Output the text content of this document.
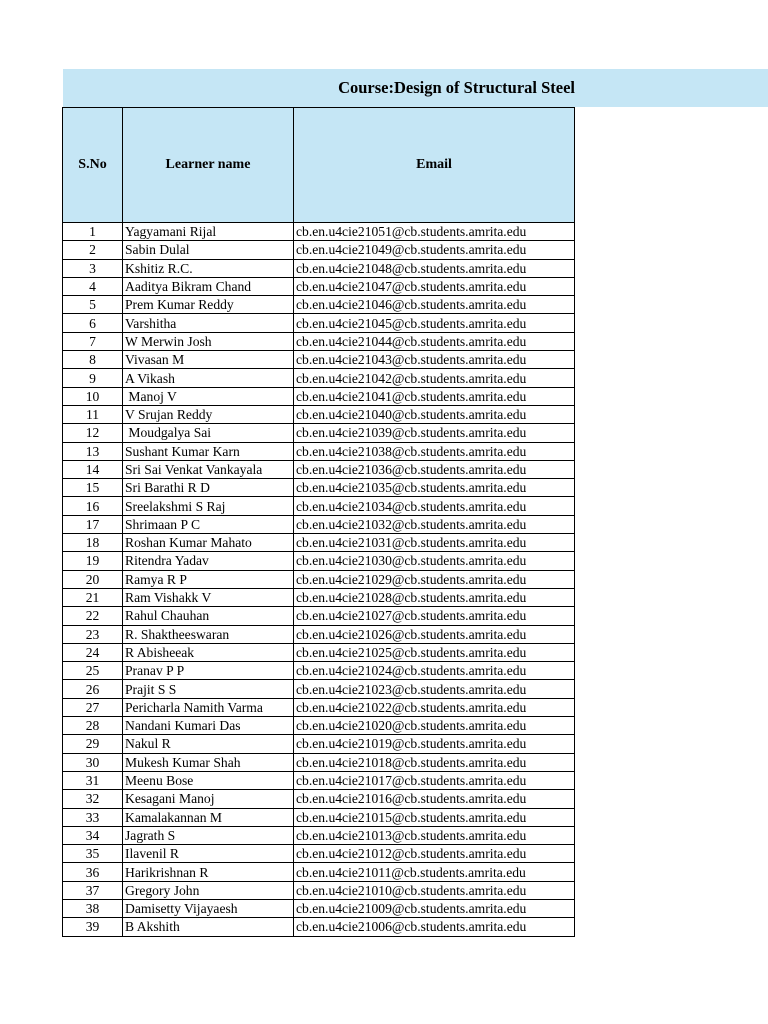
Course:Design of Structural Steel
S.No	Learner name	Email
1	Yagyamani Rijal	cb.en.u4cie21051@cb.students.amrita.edu
2	Sabin Dulal	cb.en.u4cie21049@cb.students.amrita.edu
3	Kshitiz R.C.	cb.en.u4cie21048@cb.students.amrita.edu
4	Aaditya Bikram Chand	cb.en.u4cie21047@cb.students.amrita.edu
5	Prem Kumar Reddy	cb.en.u4cie21046@cb.students.amrita.edu
6	Varshitha	cb.en.u4cie21045@cb.students.amrita.edu
7	W Merwin Josh	cb.en.u4cie21044@cb.students.amrita.edu
8	Vivasan M	cb.en.u4cie21043@cb.students.amrita.edu
9	A Vikash	cb.en.u4cie21042@cb.students.amrita.edu
10	Manoj V	cb.en.u4cie21041@cb.students.amrita.edu
11	V Srujan Reddy	cb.en.u4cie21040@cb.students.amrita.edu
12	Moudgalya Sai	cb.en.u4cie21039@cb.students.amrita.edu
13	Sushant Kumar Karn	cb.en.u4cie21038@cb.students.amrita.edu
14	Sri Sai Venkat Vankayala	cb.en.u4cie21036@cb.students.amrita.edu
15	Sri Barathi R D	cb.en.u4cie21035@cb.students.amrita.edu
16	Sreelakshmi S Raj	cb.en.u4cie21034@cb.students.amrita.edu
17	Shrimaan P C	cb.en.u4cie21032@cb.students.amrita.edu
18	Roshan Kumar Mahato	cb.en.u4cie21031@cb.students.amrita.edu
19	Ritendra Yadav	cb.en.u4cie21030@cb.students.amrita.edu
20	Ramya R P	cb.en.u4cie21029@cb.students.amrita.edu
21	Ram Vishakk V	cb.en.u4cie21028@cb.students.amrita.edu
22	Rahul Chauhan	cb.en.u4cie21027@cb.students.amrita.edu
23	R. Shaktheeswaran	cb.en.u4cie21026@cb.students.amrita.edu
24	R Abisheeak	cb.en.u4cie21025@cb.students.amrita.edu
25	Pranav P P	cb.en.u4cie21024@cb.students.amrita.edu
26	Prajit S S	cb.en.u4cie21023@cb.students.amrita.edu
27	Pericharla Namith Varma	cb.en.u4cie21022@cb.students.amrita.edu
28	Nandani Kumari Das	cb.en.u4cie21020@cb.students.amrita.edu
29	Nakul R	cb.en.u4cie21019@cb.students.amrita.edu
30	Mukesh Kumar Shah	cb.en.u4cie21018@cb.students.amrita.edu
31	Meenu Bose	cb.en.u4cie21017@cb.students.amrita.edu
32	Kesagani Manoj	cb.en.u4cie21016@cb.students.amrita.edu
33	Kamalakannan M	cb.en.u4cie21015@cb.students.amrita.edu
34	Jagrath S	cb.en.u4cie21013@cb.students.amrita.edu
35	Ilavenil R	cb.en.u4cie21012@cb.students.amrita.edu
36	Harikrishnan R	cb.en.u4cie21011@cb.students.amrita.edu
37	Gregory John	cb.en.u4cie21010@cb.students.amrita.edu
38	Damisetty Vijayaesh	cb.en.u4cie21009@cb.students.amrita.edu
39	B Akshith	cb.en.u4cie21006@cb.students.amrita.edu
